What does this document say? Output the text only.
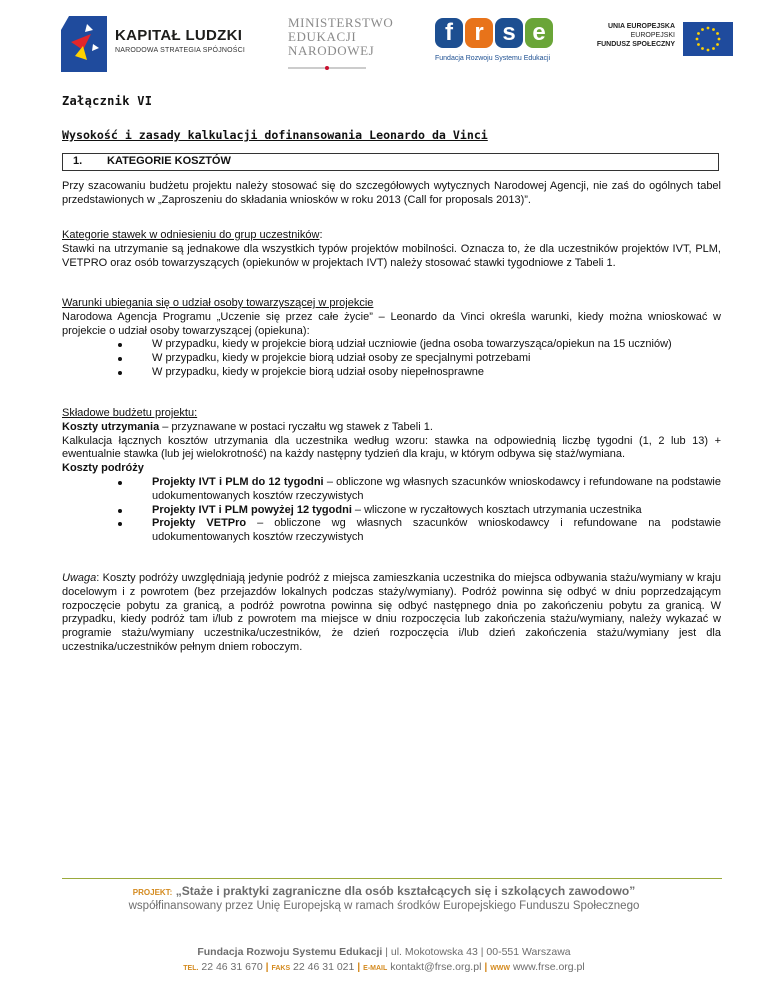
KAPITAŁ LUDZKI
NARODOWA STRATEGIA SPÓJNOŚCI
MINISTERSTWO
EDUKACJI
NARODOWEJ
f r s e
Fundacja Rozwoju Systemu Edukacji
UNIA EUROPEJSKA
EUROPEJSKI
FUNDUSZ SPOŁECZNY
Załącznik VI
Wysokość i zasady kalkulacji dofinansowania Leonardo da Vinci
1. KATEGORIE KOSZTÓW

Przy szacowaniu budżetu projektu należy stosować się do szczegółowych wytycznych Narodowej Agencji, nie zaś do ogólnych tabel przedstawionych w „Zaproszeniu do składania wniosków w roku 2013 (Call for proposals 2013)”.

Kategorie stawek w odniesieniu do grup uczestników:

Stawki na utrzymanie są jednakowe dla wszystkich typów projektów mobilności. Oznacza to, że dla uczestników projektów IVT, PLM, VETPRO oraz osób towarzyszących (opiekunów w projektach IVT) należy stosować stawki tygodniowe z Tabeli 1.

Warunki ubiegania się o udział osoby towarzyszącej w projekcie

Narodowa Agencja Programu „Uczenie się przez całe życie” – Leonardo da Vinci określa warunki, kiedy można wnioskować w projekcie o udział osoby towarzyszącej (opiekuna):

W przypadku, kiedy w projekcie biorą udział uczniowie (jedna osoba towarzysząca/opiekun na 15 uczniów)
W przypadku, kiedy w projekcie biorą udział osoby ze specjalnymi potrzebami
W przypadku, kiedy w projekcie biorą udział osoby niepełnosprawne

Składowe budżetu projektu:

Koszty utrzymania – przyznawane w postaci ryczałtu wg stawek z Tabeli 1.

Kalkulacja łącznych kosztów utrzymania dla uczestnika według wzoru: stawka na odpowiednią liczbę tygodni (1, 2 lub 13) + ewentualnie stawka (lub jej wielokrotność) na każdy następny tydzień dla kraju, w którym odbywa się staż/wymiana.

Koszty podróży

Projekty IVT i PLM do 12 tygodni – obliczone wg własnych szacunków wnioskodawcy i refundowane na podstawie udokumentowanych kosztów rzeczywistych
Projekty IVT i PLM powyżej 12 tygodni – wliczone w ryczałtowych kosztach utrzymania uczestnika
Projekty VETPro – obliczone wg własnych szacunków wnioskodawcy i refundowane na podstawie udokumentowanych kosztów rzeczywistych

Uwaga: Koszty podróży uwzględniają jedynie podróż z miejsca zamieszkania uczestnika do miejsca odbywania stażu/wymiany w kraju docelowym i z powrotem (bez przejazdów lokalnych podczas staży/wymiany). Podróż powinna się odbyć w dniu poprzedzającym rozpoczęcie pobytu za granicą, a podróż powrotna powinna się odbyć następnego dnia po zakończeniu pobytu za granicą. W przypadku, kiedy podróż tam i/lub z powrotem ma miejsce w dniu rozpoczęcia lub zakończenia stażu/wymiany, należy wykazać w programie stażu/wymiany uczestnika/uczestników, że dzień rozpoczęcia i/lub dzień zakończenia stażu/wymiany jest dla uczestnika/uczestników pełnym dniem roboczym.

PROJEKT: „Staże i praktyki zagraniczne dla osób kształcących się i szkolących zawodowo”
współfinansowany przez Unię Europejską w ramach środków Europejskiego Funduszu Społecznego
Fundacja Rozwoju Systemu Edukacji | ul. Mokotowska 43 | 00-551 Warszawa
TEL. 22 46 31 670 | FAKS 22 46 31 021 | E-MAIL kontakt@frse.org.pl | WWW www.frse.org.pl
